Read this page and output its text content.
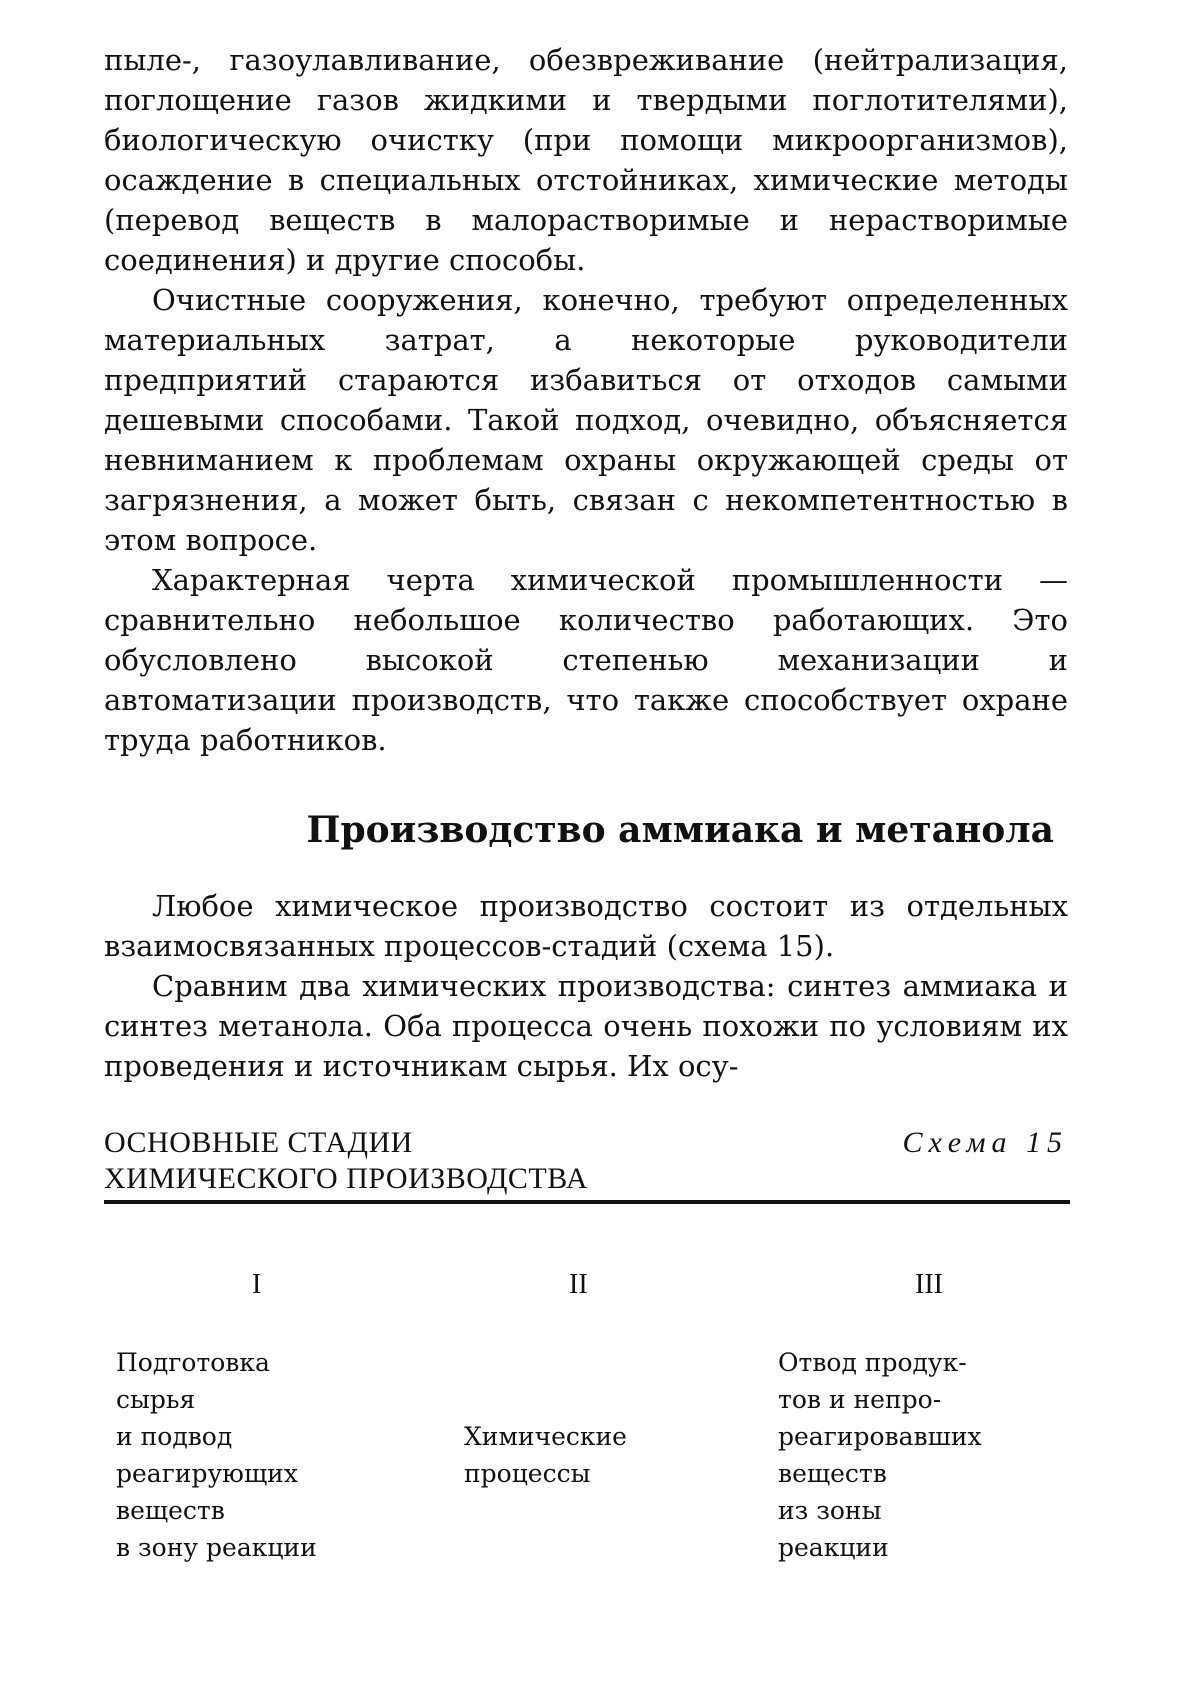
пыле-, газоулавливание, обезвреживание (нейтрализация, поглощение газов жидкими и твердыми поглотителями), биологическую очистку (при помощи микроорганизмов), осаждение в специальных отстойниках, химические методы (перевод веществ в малорастворимые и нерастворимые соединения) и другие способы.

Очистные сооружения, конечно, требуют определенных материальных затрат, а некоторые руководители предприятий стараются избавиться от отходов самыми дешевыми способами. Такой подход, очевидно, объясняется невниманием к проблемам охраны окружающей среды от загрязнения, а может быть, связан с некомпетентностью в этом вопросе.

Характерная черта химической промышленности — сравнительно небольшое количество работающих. Это обусловлено высокой степенью механизации и автоматизации производств, что также способствует охране труда работников.

Производство аммиака и метанола

Любое химическое производство состоит из отдельных взаимосвязанных процессов-стадий (схема 15).

Сравним два химических производства: синтез аммиака и синтез метанола. Оба процесса очень похожи по условиям их проведения и источникам сырья. Их осу-

ОСНОВНЫЕ СТАДИИ
ХИМИЧЕСКОГО ПРОИЗВОДСТВА
Схема 15
I	II	III
Подготовка
сырья
и подвод
реагирующих
веществ
в зону реакции
Химические
процессы
Отвод продук-
тов и непро-
реагировавших
веществ
из зоны
реакции
